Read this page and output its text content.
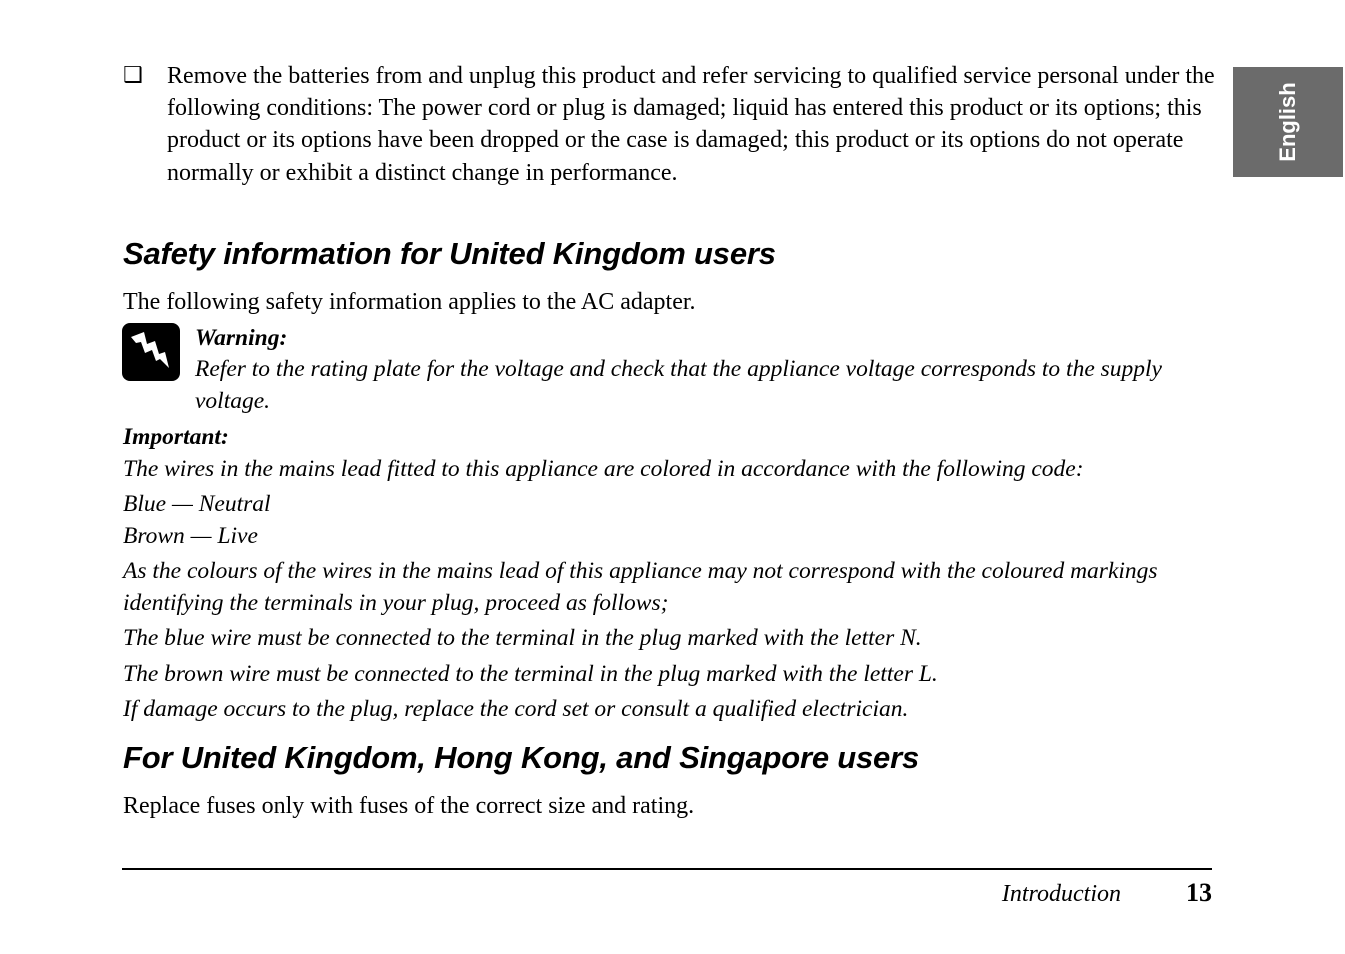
English
❑ Remove the batteries from and unplug this product and refer servicing to qualified service personal under the following conditions: The power cord or plug is damaged; liquid has entered this product or its options; this product or its options have been dropped or the case is damaged; this product or its options do not operate normally or exhibit a distinct change in performance.
Safety information for United Kingdom users
The following safety information applies to the AC adapter.
Warning:
Refer to the rating plate for the voltage and check that the appliance voltage corresponds to the supply voltage.
Important:
The wires in the mains lead fitted to this appliance are colored in accordance with the following code:
Blue — Neutral
Brown — Live
As the colours of the wires in the mains lead of this appliance may not correspond with the coloured markings identifying the terminals in your plug, proceed as follows;
The blue wire must be connected to the terminal in the plug marked with the letter N.
The brown wire must be connected to the terminal in the plug marked with the letter L.
If damage occurs to the plug, replace the cord set or consult a qualified electrician.
For United Kingdom, Hong Kong, and Singapore users
Replace fuses only with fuses of the correct size and rating.
Introduction	13
